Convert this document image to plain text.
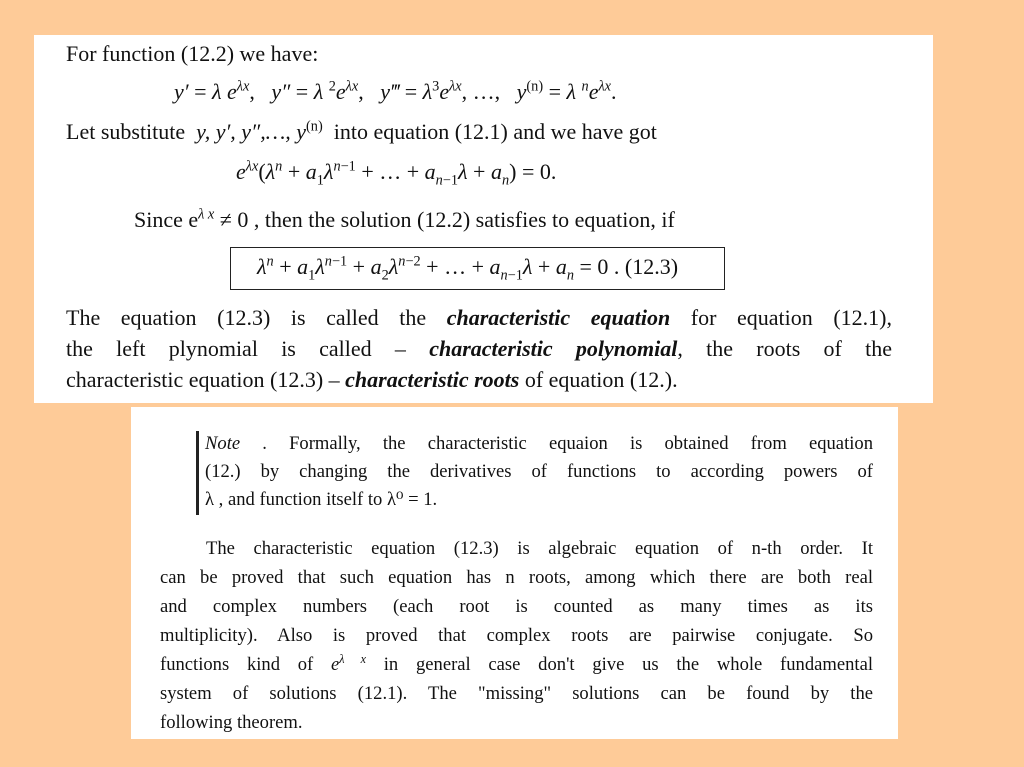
For function (12.2) we have:
y′ = λ $e^{\lambda x}$,   y″ = λ $^2e^{\lambda x}$,   y‴ = $\lambda^3e^{\lambda x}$, …, $y^{(n)} = \lambda$ $^ne^{\lambda x}$.
Let substitute y, y′, y″,…, $y^{(n)}$ into equation (12.1) and we have got
$e^{\lambda x}(\lambda^n + a_1\lambda^{n-1}$ + … + $a_{n-1}\lambda + a_n) = 0$.
Since $e^{\lambda x} \ne 0$ , then the solution (12.2) satisfies to equation, if
$\lambda^n + a_1\lambda^{n-1} + a_2\lambda^{n-2}$ + … + $a_{n-1}\lambda + a_n = 0$ . (12.3)
The equation (12.3) is called the characteristic equation for equation (12.1),
the left plynomial is called – characteristic polynomial, the roots of the
characteristic equation (12.3) – characteristic roots of equation (12.).
Note . Formally, the characteristic equaion is obtained from equation
(12.) by changing the derivatives of functions to according powers of
λ , and function itself to λ⁰ = 1.
The characteristic equation (12.3) is algebraic equation of n-th order. It
can be proved that such equation has n roots, among which there are both real
and complex numbers (each root is counted as many times as its
multiplicity). Also is proved that complex roots are pairwise conjugate. So
functions kind of $e^{\lambda x}$ in general case don't give us the whole fundamental
system of solutions (12.1). The "missing" solutions can be found by the
following theorem.
